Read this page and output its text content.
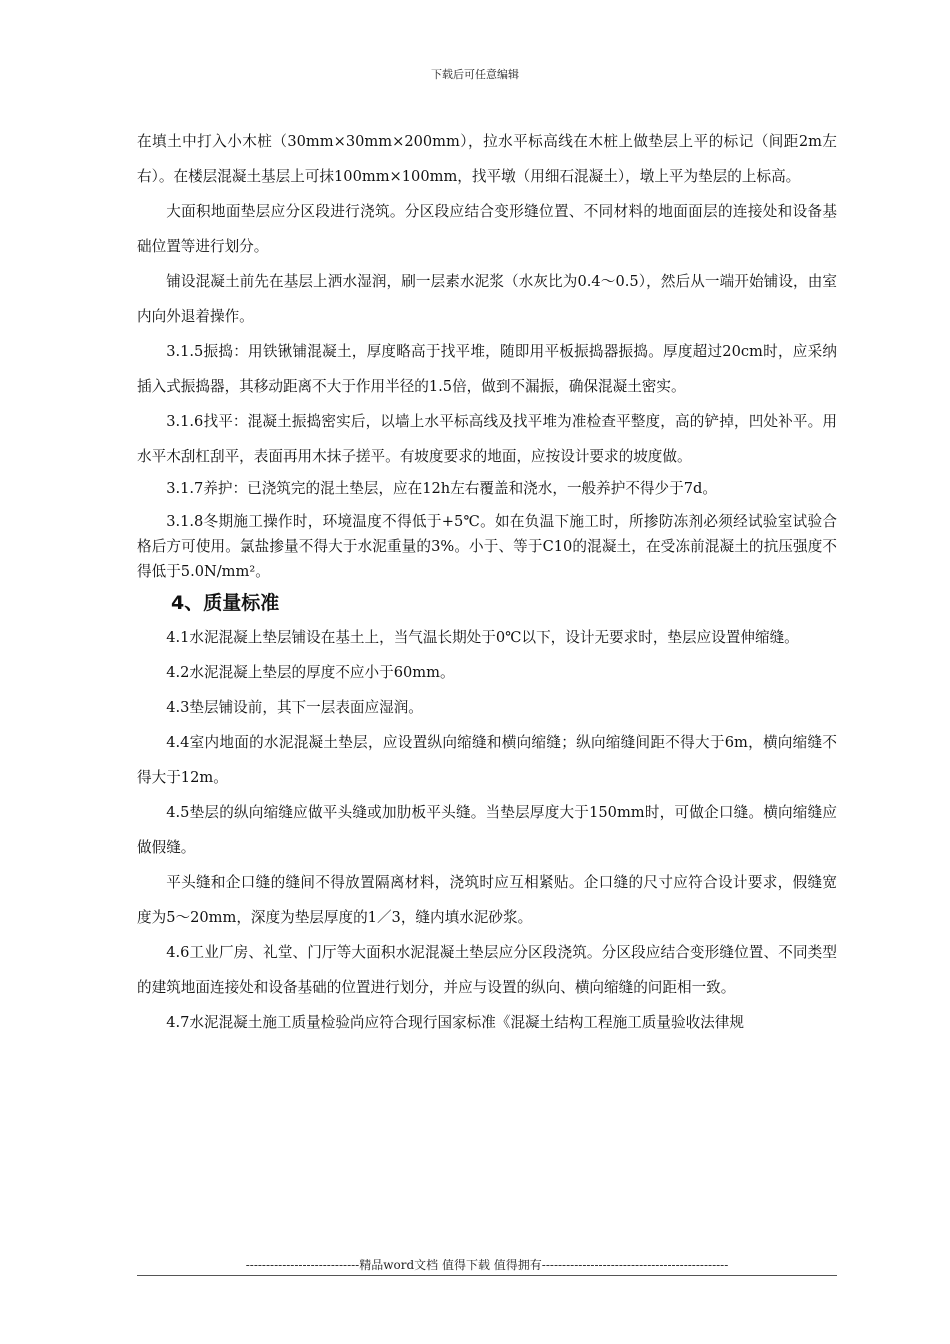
下载后可任意编辑

在填土中打入小木桩（30mm×30mm×200mm），拉水平标高线在木桩上做垫层上平的标记（间距2m左右）。在楼层混凝土基层上可抹100mm×100mm，找平墩（用细石混凝土），墩上平为垫层的上标高。

大面积地面垫层应分区段进行浇筑。分区段应结合变形缝位置、不同材料的地面面层的连接处和设备基础位置等进行划分。

铺设混凝土前先在基层上洒水湿润，刷一层素水泥浆（水灰比为0.4～0.5），然后从一端开始铺设，由室内向外退着操作。

3.1.5振捣：用铁锹铺混凝土，厚度略高于找平堆，随即用平板振捣器振捣。厚度超过20cm时，应采纳插入式振捣器，其移动距离不大于作用半径的1.5倍，做到不漏振，确保混凝土密实。

3.1.6找平：混凝土振捣密实后，以墙上水平标高线及找平堆为准检查平整度，高的铲掉，凹处补平。用水平木刮杠刮平，表面再用木抹子搓平。有坡度要求的地面，应按设计要求的坡度做。

3.1.7养护：已浇筑完的混土垫层，应在12h左右覆盖和浇水，一般养护不得少于7d。

3.1.8冬期施工操作时，环境温度不得低于+5℃。如在负温下施工时，所掺防冻剂必须经试验室试验合格后方可使用。氯盐掺量不得大于水泥重量的3%。小于、等于C10的混凝土，在受冻前混凝土的抗压强度不得低于5.0N/mm²。

4、质量标准

4.1水泥混凝上垫层铺设在基土上，当气温长期处于0℃以下，设计无要求时，垫层应设置伸缩缝。

4.2水泥混凝上垫层的厚度不应小于60mm。

4.3垫层铺设前，其下一层表面应湿润。

4.4室内地面的水泥混凝土垫层，应设置纵向缩缝和横向缩缝；纵向缩缝间距不得大于6m，横向缩缝不得大于12m。

4.5垫层的纵向缩缝应做平头缝或加肋板平头缝。当垫层厚度大于150mm时，可做企口缝。横向缩缝应做假缝。

平头缝和企口缝的缝间不得放置隔离材料，浇筑时应互相紧贴。企口缝的尺寸应符合设计要求，假缝宽度为5～20mm，深度为垫层厚度的1／3，缝内填水泥砂浆。

4.6工业厂房、礼堂、门厅等大面积水泥混凝土垫层应分区段浇筑。分区段应结合变形缝位置、不同类型的建筑地面连接处和设备基础的位置进行划分，并应与设置的纵向、横向缩缝的问距相一致。

4.7水泥混凝土施工质量检验尚应符合现行国家标准《混凝土结构工程施工质量验收法律规

----------------------------精品word文档 值得下载 值得拥有----------------------------------------------
